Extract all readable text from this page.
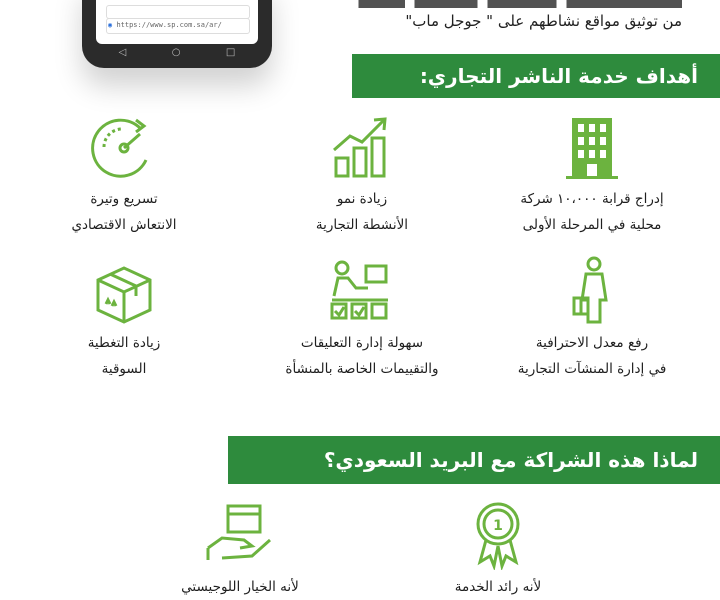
◉ https://www.sp.com.sa/ar/
◁	○	□
من توثيق مواقع نشاطهم على " جوجل ماب"
أهداف خدمة الناشر التجاري:
إدراج قرابة ١٠،٠٠٠ شركة
محلية في المرحلة الأولى
زيادة نمو
الأنشطة التجارية
تسريع وتيرة
الانتعاش الاقتصادي
رفع معدل الاحترافية
في إدارة المنشآت التجارية
سهولة إدارة التعليقات
والتقييمات الخاصة بالمنشأة
زيادة التغطية
السوقية
لماذا هذه الشراكة مع البريد السعودي؟
1
لأنه رائد الخدمة
لأنه الخيار اللوجيستي
